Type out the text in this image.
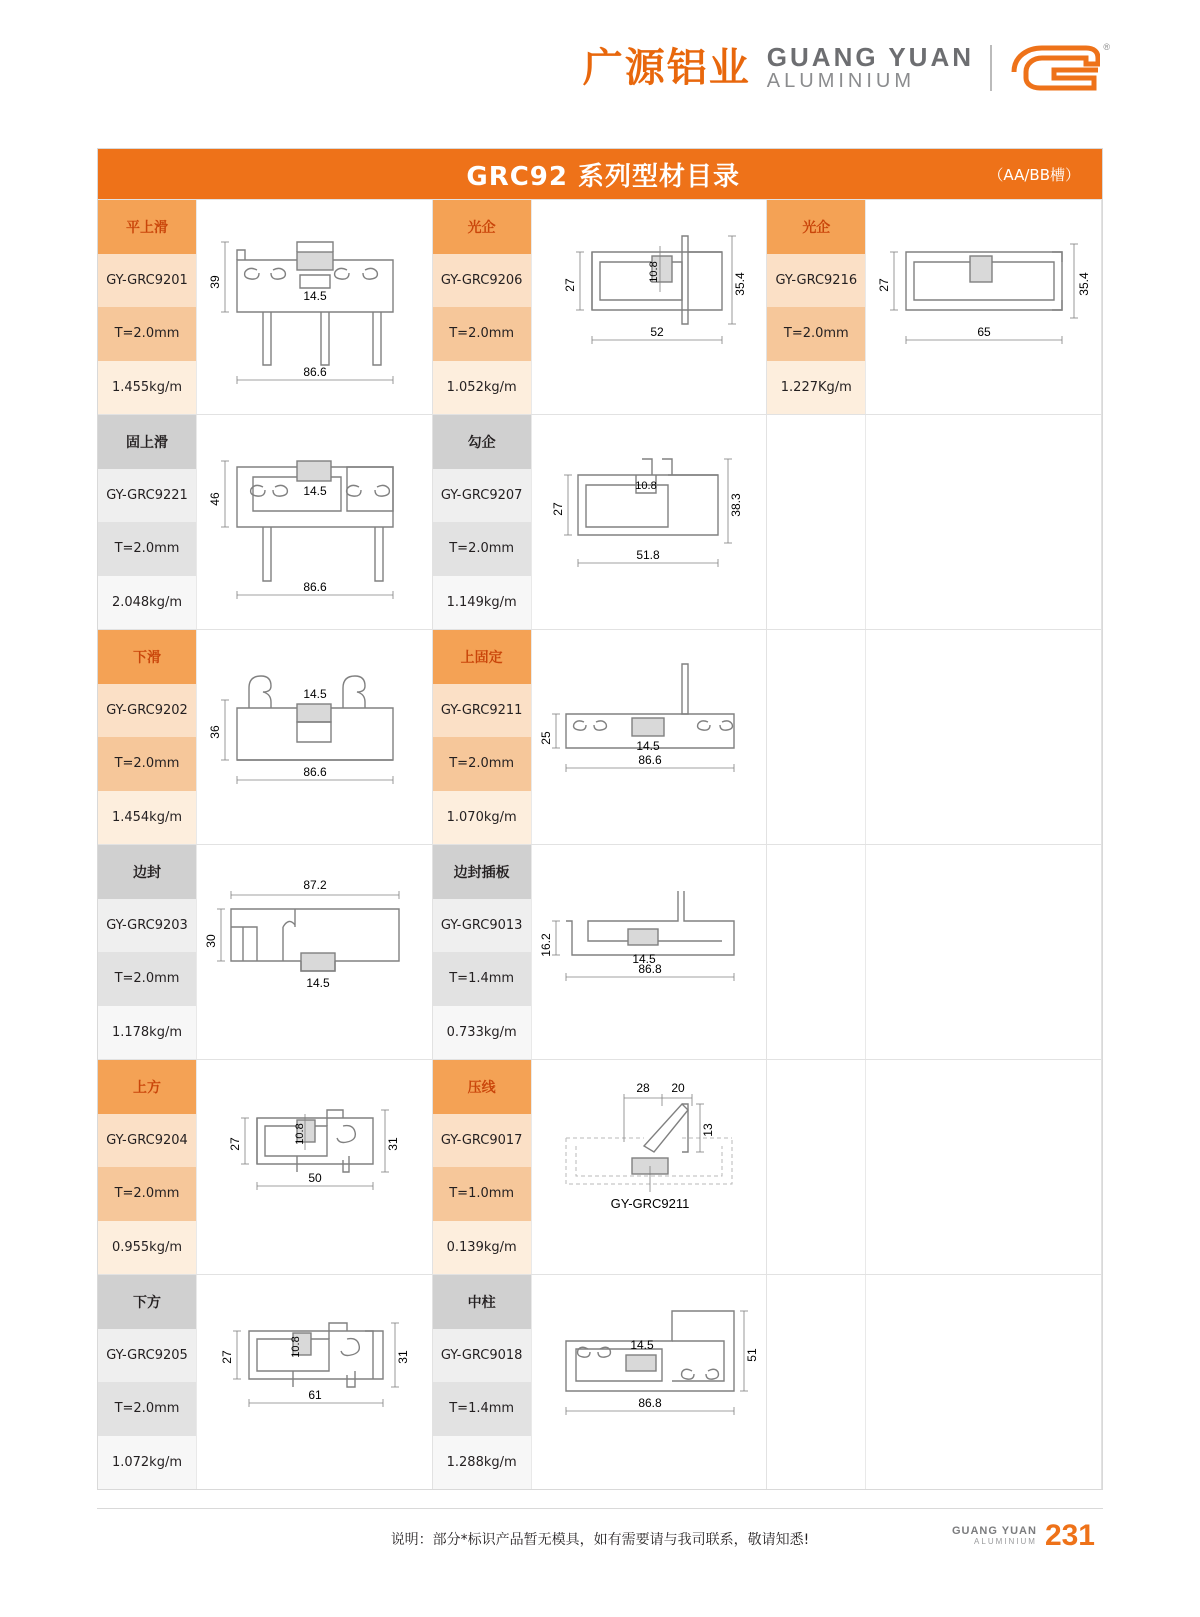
广源铝业 GUANG YUAN
ALUMINIUM
®
GRC92 系列型材目录	（AA/BB槽）
平上滑
GY-GRC9201
T=2.0mm
1.455kg/m
39
14.5
86.6
光企
GY-GRC9206
T=2.0mm
1.052kg/m
27	35.4
10.8
52
光企
GY-GRC9216
T=2.0mm
1.227Kg/m
27	35.4
65
固上滑
GY-GRC9221
T=2.0mm
2.048kg/m
46
14.5
86.6
勾企
GY-GRC9207
T=2.0mm
1.149kg/m
27	38.3
10.8
51.8
下滑
GY-GRC9202
T=2.0mm
1.454kg/m
36
14.5
86.6
上固定
GY-GRC9211
T=2.0mm
1.070kg/m
25
14.5
86.6
边封
GY-GRC9203
T=2.0mm
1.178kg/m
30
87.2
14.5
边封插板
GY-GRC9013
T=1.4mm
0.733kg/m
16.2
14.5
86.8
上方
GY-GRC9204
T=2.0mm
0.955kg/m
27	31
10.8
50
压线
GY-GRC9017
T=1.0mm
0.139kg/m
28 20
13
GY-GRC9211
下方
GY-GRC9205
T=2.0mm
1.072kg/m
27	31
10.8
61
中柱
GY-GRC9018
T=1.4mm
1.288kg/m
51
14.5
86.8
说明：部分*标识产品暂无模具，如有需要请与我司联系，敬请知悉!
GUANG YUAN
ALUMINIUM 231
